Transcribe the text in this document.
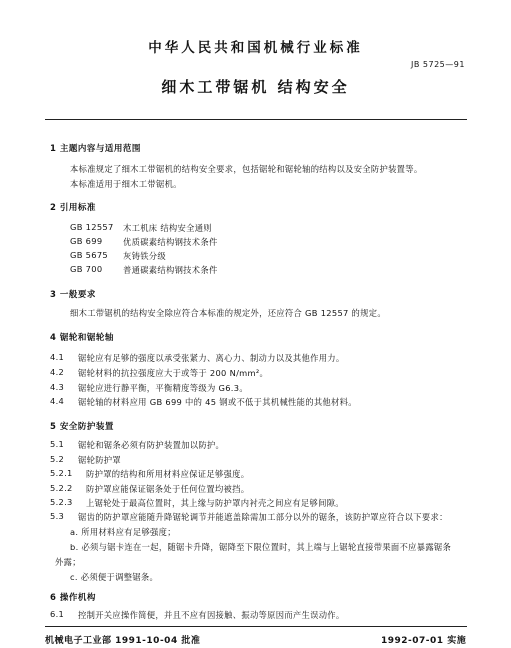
中华人民共和国机械行业标准
JB 5725—91
细木工带锯机 结构安全
1 主题内容与适用范围
本标准规定了细木工带锯机的结构安全要求，包括锯轮和锯轮轴的结构以及安全防护装置等。
本标准适用于细木工带锯机。
2 引用标准
GB 12557 木工机床 结构安全通则
GB 699 优质碳素结构钢技术条件
GB 5675 灰铸铁分级
GB 700 普通碳素结构钢技术条件
3 一般要求
细木工带锯机的结构安全除应符合本标准的规定外，还应符合 GB 12557 的规定。
4 锯轮和锯轮轴
4.1 锯轮应有足够的强度以承受张紧力、离心力、制动力以及其他作用力。
4.2 锯轮材料的抗拉强度应大于或等于 200 N/mm²。
4.3 锯轮应进行静平衡，平衡精度等级为 G6.3。
4.4 锯轮轴的材料应用 GB 699 中的 45 钢或不低于其机械性能的其他材料。
5 安全防护装置
5.1 锯轮和锯条必须有防护装置加以防护。
5.2 锯轮防护罩
5.2.1 防护罩的结构和所用材料应保证足够强度。
5.2.2 防护罩应能保证锯条处于任何位置均被挡。
5.2.3 上锯轮处于最高位置时，其上缘与防护罩内衬壳之间应有足够间隙。
5.3 锯齿的防护罩应能随升降锯轮调节并能遮盖除需加工部分以外的锯条，该防护罩应符合以下要求：
a. 所用材料应有足够强度；
b. 必须与锯卡连在一起，随锯卡升降，锯降至下限位置时，其上端与上锯轮直接带果面不应暴露锯条
外露；
c. 必须便于调整锯条。
6 操作机构
6.1 控制开关应操作简便，并且不应有因接触、振动等原因而产生误动作。
机械电子工业部 1991-10-04 批准	1992-07-01 实施
